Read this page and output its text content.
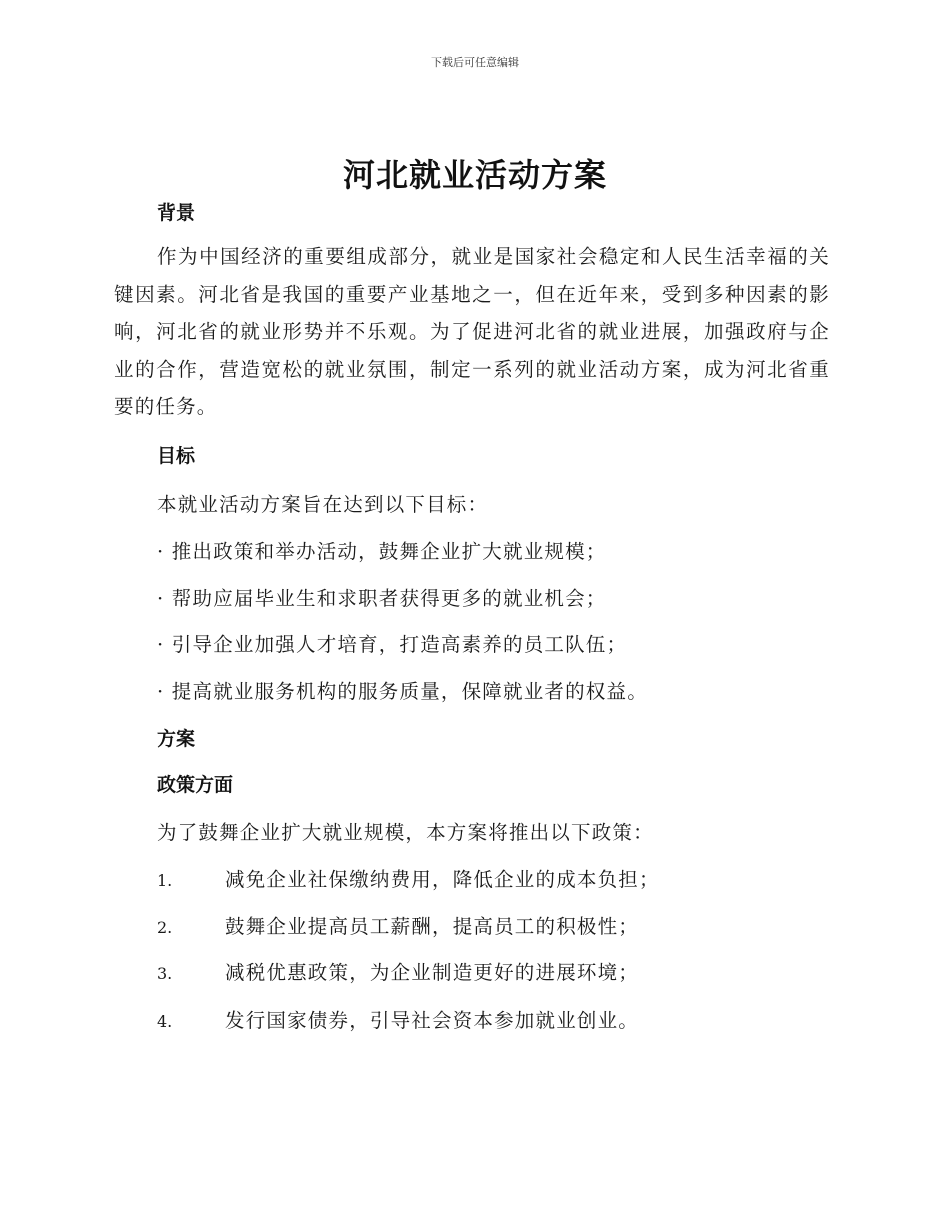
下载后可任意编辑
河北就业活动方案
背景
作为中国经济的重要组成部分，就业是国家社会稳定和人民生活幸福的关键因素。河北省是我国的重要产业基地之一，但在近年来，受到多种因素的影响，河北省的就业形势并不乐观。为了促进河北省的就业进展，加强政府与企业的合作，营造宽松的就业氛围，制定一系列的就业活动方案，成为河北省重要的任务。
目标
本就业活动方案旨在达到以下目标：
· 推出政策和举办活动，鼓舞企业扩大就业规模；
· 帮助应届毕业生和求职者获得更多的就业机会；
· 引导企业加强人才培育，打造高素养的员工队伍；
· 提高就业服务机构的服务质量，保障就业者的权益。
方案
政策方面
为了鼓舞企业扩大就业规模，本方案将推出以下政策：
1.	减免企业社保缴纳费用，降低企业的成本负担；
2.	鼓舞企业提高员工薪酬，提高员工的积极性；
3.	减税优惠政策，为企业制造更好的进展环境；
4.	发行国家债券，引导社会资本参加就业创业。
